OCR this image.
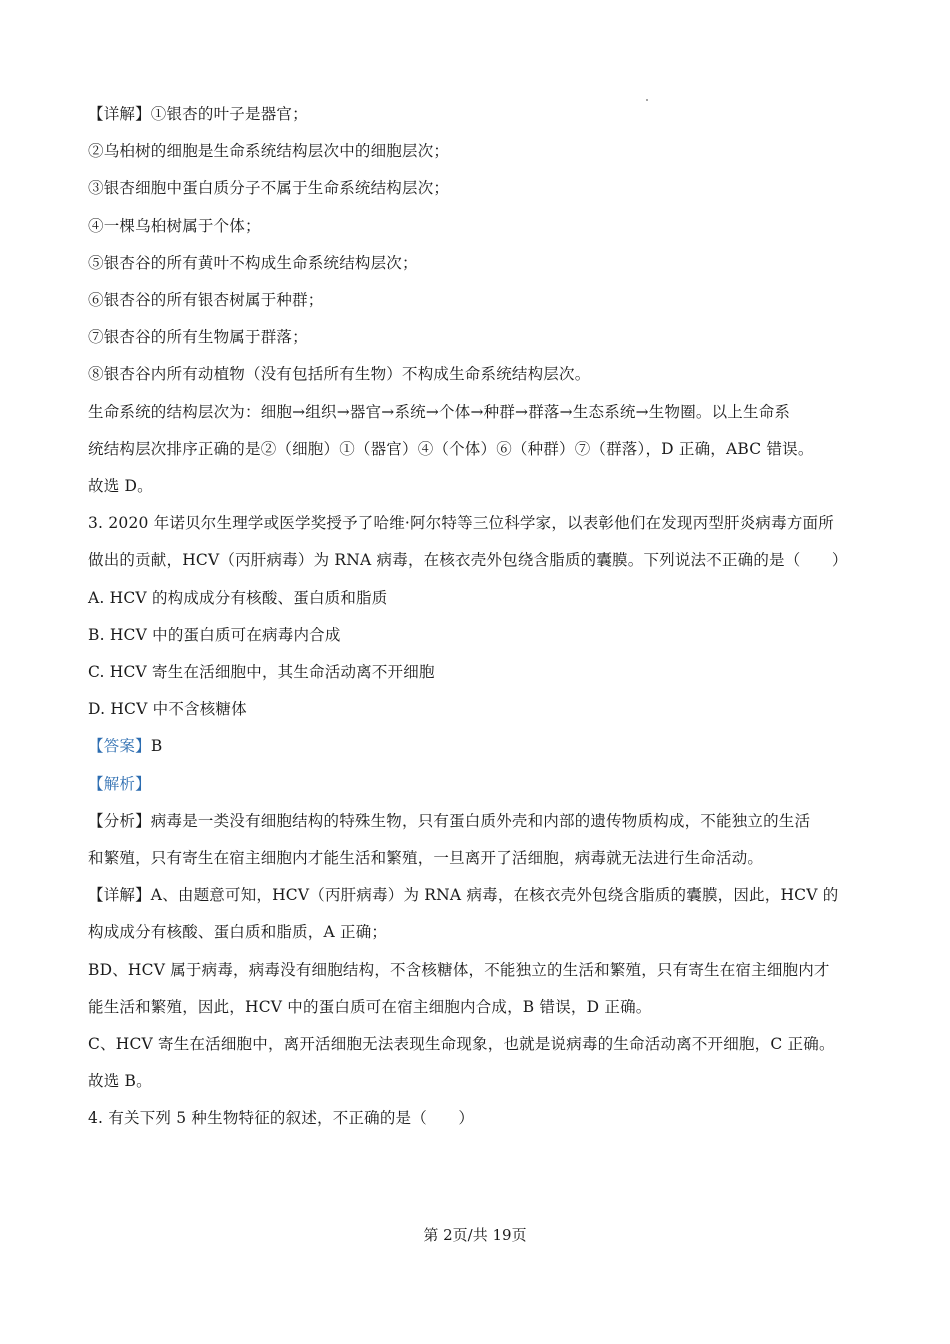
【详解】①银杏的叶子是器官；
②乌桕树的细胞是生命系统结构层次中的细胞层次；
③银杏细胞中蛋白质分子不属于生命系统结构层次；
④一棵乌桕树属于个体；
⑤银杏谷的所有黄叶不构成生命系统结构层次；
⑥银杏谷的所有银杏树属于种群；
⑦银杏谷的所有生物属于群落；
⑧银杏谷内所有动植物（没有包括所有生物）不构成生命系统结构层次。
生命系统的结构层次为：细胞→组织→器官→系统→个体→种群→群落→生态系统→生物圈。以上生命系
统结构层次排序正确的是②（细胞）①（器官）④（个体）⑥（种群）⑦（群落），D 正确，ABC 错误。
故选 D。
3. 2020 年诺贝尔生理学或医学奖授予了哈维·阿尔特等三位科学家，以表彰他们在发现丙型肝炎病毒方面所
做出的贡献，HCV（丙肝病毒）为 RNA 病毒，在核衣壳外包绕含脂质的囊膜。下列说法不正确的是（　　）
A. HCV 的构成成分有核酸、蛋白质和脂质
B. HCV 中的蛋白质可在病毒内合成
C. HCV 寄生在活细胞中，其生命活动离不开细胞
D. HCV 中不含核糖体
【答案】B
【解析】
【分析】病毒是一类没有细胞结构的特殊生物，只有蛋白质外壳和内部的遗传物质构成，不能独立的生活
和繁殖，只有寄生在宿主细胞内才能生活和繁殖，一旦离开了活细胞，病毒就无法进行生命活动。
【详解】A、由题意可知，HCV（丙肝病毒）为 RNA 病毒，在核衣壳外包绕含脂质的囊膜，因此，HCV 的
构成成分有核酸、蛋白质和脂质，A 正确；
BD、HCV 属于病毒，病毒没有细胞结构，不含核糖体，不能独立的生活和繁殖，只有寄生在宿主细胞内才
能生活和繁殖，因此，HCV 中的蛋白质可在宿主细胞内合成，B 错误，D 正确。
C、HCV 寄生在活细胞中，离开活细胞无法表现生命现象，也就是说病毒的生命活动离不开细胞，C 正确。
故选 B。
4. 有关下列 5 种生物特征的叙述，不正确的是（　　）
第 2页/共 19页
